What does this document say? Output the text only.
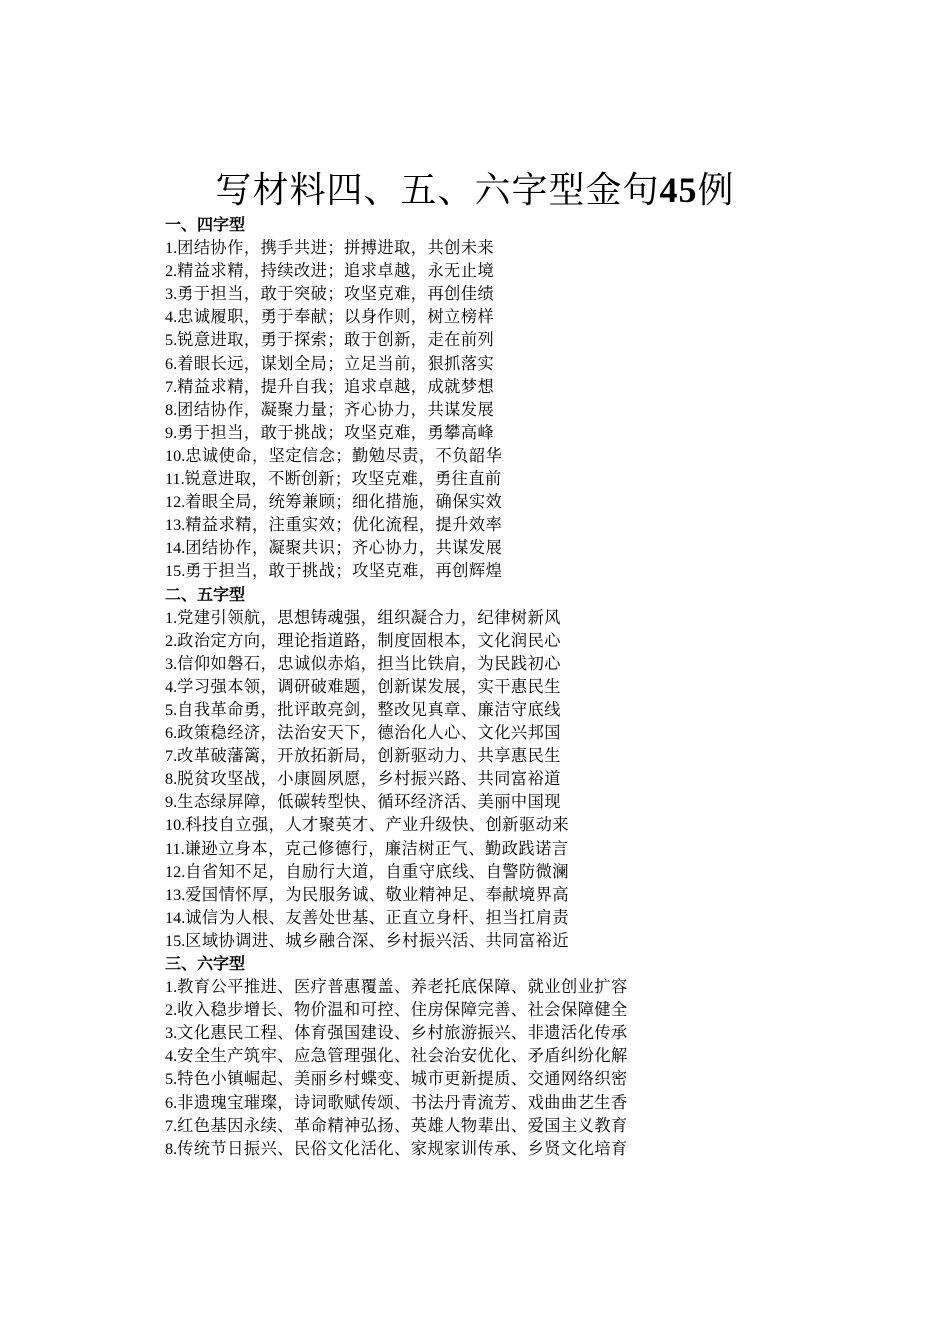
写材料四、五、六字型金句45例
一、四字型
1.团结协作，携手共进；拼搏进取，共创未来
2.精益求精，持续改进；追求卓越，永无止境
3.勇于担当，敢于突破；攻坚克难，再创佳绩
4.忠诚履职，勇于奉献；以身作则，树立榜样
5.锐意进取，勇于探索；敢于创新，走在前列
6.着眼长远，谋划全局；立足当前，狠抓落实
7.精益求精，提升自我；追求卓越，成就梦想
8.团结协作，凝聚力量；齐心协力，共谋发展
9.勇于担当，敢于挑战；攻坚克难，勇攀高峰
10.忠诚使命，坚定信念；勤勉尽责，不负韶华
11.锐意进取，不断创新；攻坚克难，勇往直前
12.着眼全局，统筹兼顾；细化措施，确保实效
13.精益求精，注重实效；优化流程，提升效率
14.团结协作，凝聚共识；齐心协力，共谋发展
15.勇于担当，敢于挑战；攻坚克难，再创辉煌
二、五字型
1.党建引领航，思想铸魂强，组织凝合力，纪律树新风
2.政治定方向，理论指道路，制度固根本，文化润民心
3.信仰如磐石，忠诚似赤焰，担当比铁肩，为民践初心
4.学习强本领，调研破难题，创新谋发展，实干惠民生
5.自我革命勇，批评敢亮剑，整改见真章、廉洁守底线
6.政策稳经济，法治安天下，德治化人心、文化兴邦国
7.改革破藩篱，开放拓新局，创新驱动力、共享惠民生
8.脱贫攻坚战，小康圆夙愿，乡村振兴路、共同富裕道
9.生态绿屏障，低碳转型快、循环经济活、美丽中国现
10.科技自立强，人才聚英才、产业升级快、创新驱动来
11.谦逊立身本，克己修德行，廉洁树正气、勤政践诺言
12.自省知不足，自励行大道，自重守底线、自警防微澜
13.爱国情怀厚，为民服务诚、敬业精神足、奉献境界高
14.诚信为人根、友善处世基、正直立身杆、担当扛肩责
15.区域协调进、城乡融合深、乡村振兴活、共同富裕近
三、六字型
1.教育公平推进、医疗普惠覆盖、养老托底保障、就业创业扩容
2.收入稳步增长、物价温和可控、住房保障完善、社会保障健全
3.文化惠民工程、体育强国建设、乡村旅游振兴、非遗活化传承
4.安全生产筑牢、应急管理强化、社会治安优化、矛盾纠纷化解
5.特色小镇崛起、美丽乡村蝶变、城市更新提质、交通网络织密
6.非遗瑰宝璀璨，诗词歌赋传颂、书法丹青流芳、戏曲曲艺生香
7.红色基因永续、革命精神弘扬、英雄人物辈出、爱国主义教育
8.传统节日振兴、民俗文化活化、家规家训传承、乡贤文化培育
